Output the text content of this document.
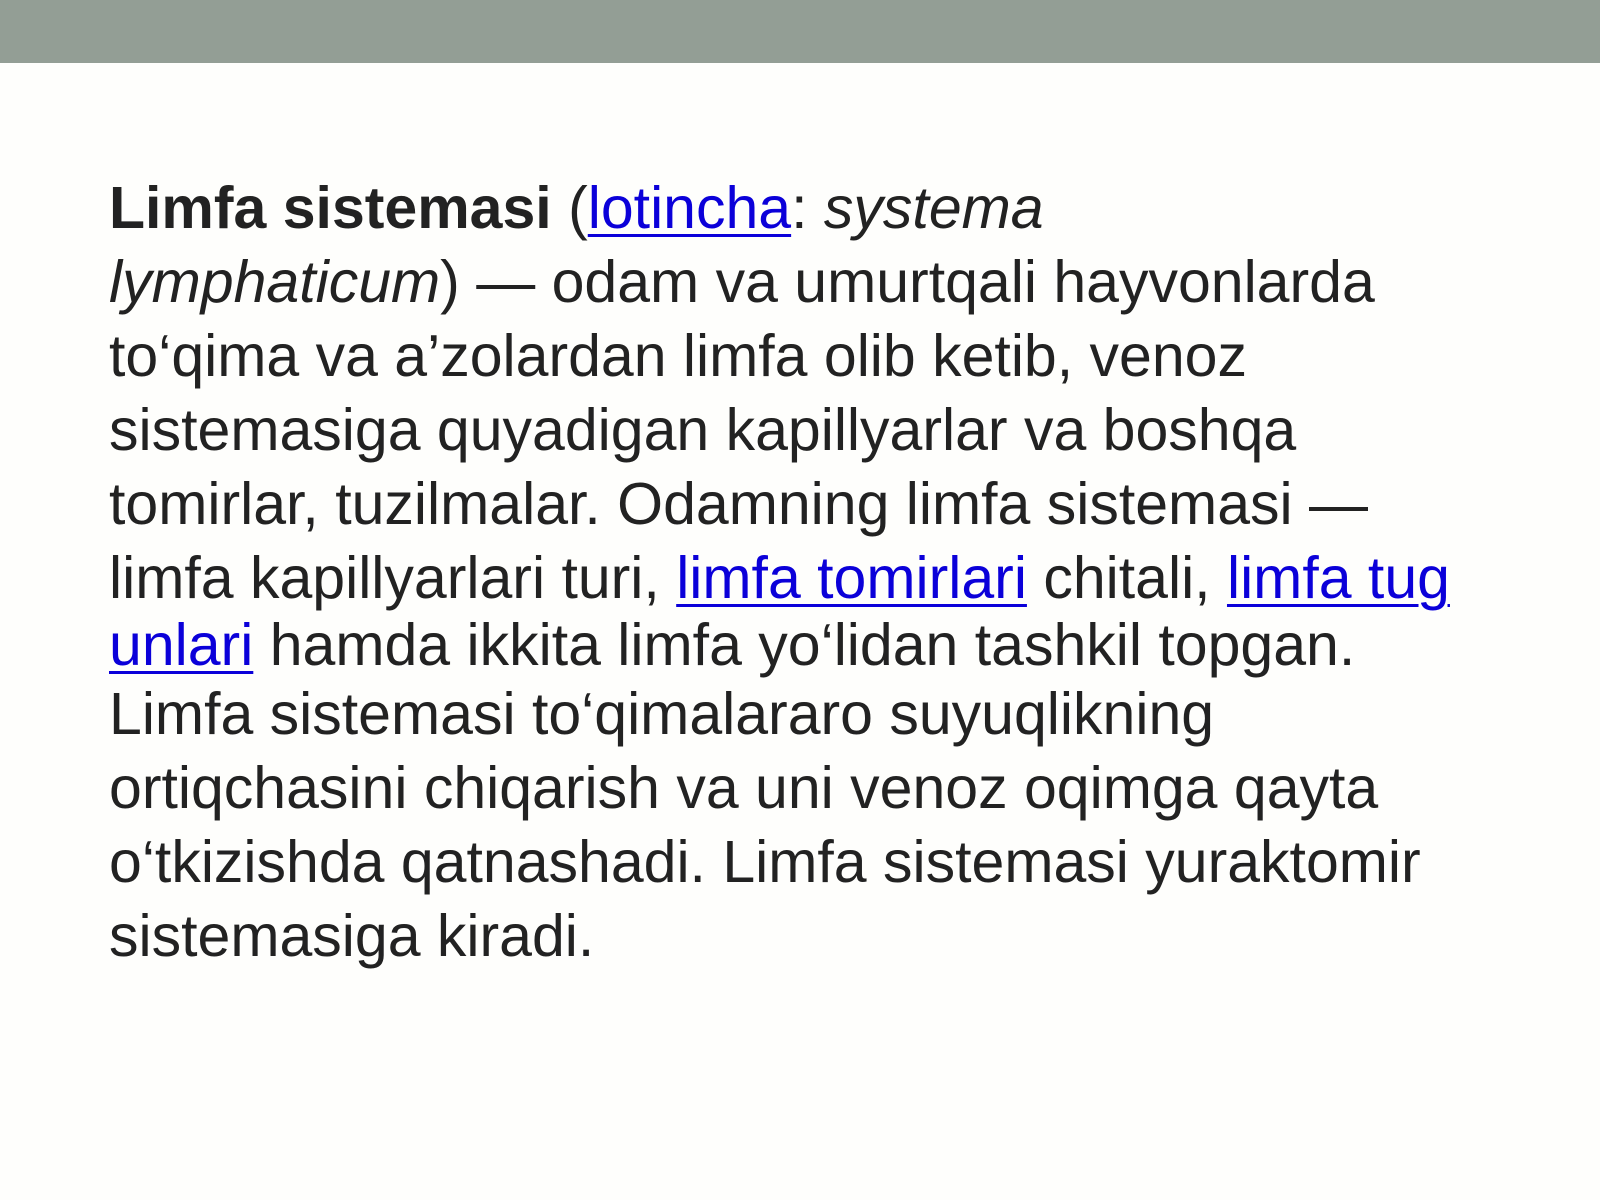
Limfa sistemasi (lotincha: systema
lymphaticum) — odam va umurtqali hayvonlarda
to‘qima va a’zolardan limfa olib ketib, venoz
sistemasiga quyadigan kapillyarlar va boshqa
tomirlar, tuzilmalar. Odamning limfa sistemasi —
limfa kapillyarlari turi, limfa tomirlari chitali, limfa tug
unlari hamda ikkita limfa yo‘lidan tashkil topgan.
Limfa sistemasi to‘qimalararo suyuqlikning
ortiqchasini chiqarish va uni venoz oqimga qayta
o‘tkizishda qatnashadi. Limfa sistemasi yuraktomir
sistemasiga kiradi.
